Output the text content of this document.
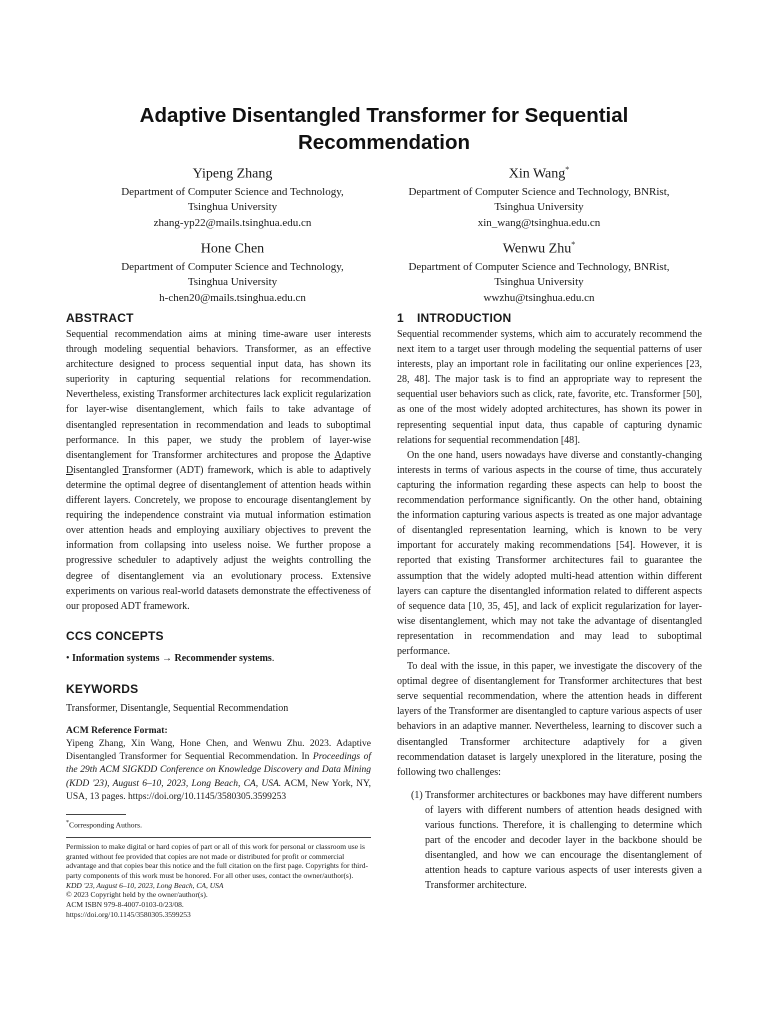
Adaptive Disentangled Transformer for Sequential Recommendation
Yipeng Zhang
Department of Computer Science and Technology,
Tsinghua University
zhang-yp22@mails.tsinghua.edu.cn
Xin Wang*
Department of Computer Science and Technology, BNRist,
Tsinghua University
xin_wang@tsinghua.edu.cn
Hone Chen
Department of Computer Science and Technology,
Tsinghua University
h-chen20@mails.tsinghua.edu.cn
Wenwu Zhu*
Department of Computer Science and Technology, BNRist,
Tsinghua University
wwzhu@tsinghua.edu.cn
ABSTRACT

Sequential recommendation aims at mining time-aware user interests through modeling sequential behaviors. Transformer, as an effective architecture designed to process sequential input data, has shown its superiority in capturing sequential relations for recommendation. Nevertheless, existing Transformer architectures lack explicit regularization for layer-wise disentanglement, which fails to take advantage of disentangled representation in recommendation and leads to suboptimal performance. In this paper, we study the problem of layer-wise disentanglement for Transformer architectures and propose the Adaptive Disentangled Transformer (ADT) framework, which is able to adaptively determine the optimal degree of disentanglement of attention heads within different layers. Concretely, we propose to encourage disentanglement by requiring the independence constraint via mutual information estimation over attention heads and employing auxiliary objectives to prevent the information from collapsing into useless noise. We further propose a progressive scheduler to adaptively adjust the weights controlling the degree of disentanglement via an evolutionary process. Extensive experiments on various real-world datasets demonstrate the effectiveness of our proposed ADT framework.

CCS CONCEPTS

• Information systems → Recommender systems.

KEYWORDS

Transformer, Disentangle, Sequential Recommendation

ACM Reference Format:

Yipeng Zhang, Xin Wang, Hone Chen, and Wenwu Zhu. 2023. Adaptive Disentangled Transformer for Sequential Recommendation. In Proceedings of the 29th ACM SIGKDD Conference on Knowledge Discovery and Data Mining (KDD '23), August 6–10, 2023, Long Beach, CA, USA. ACM, New York, NY, USA, 13 pages. https://doi.org/10.1145/3580305.3599253

*Corresponding Authors.

Permission to make digital or hard copies of part or all of this work for personal or classroom use is granted without fee provided that copies are not made or distributed for profit or commercial advantage and that copies bear this notice and the full citation on the first page. Copyrights for third-party components of this work must be honored. For all other uses, contact the owner/author(s).

KDD '23, August 6–10, 2023, Long Beach, CA, USA

© 2023 Copyright held by the owner/author(s).

ACM ISBN 979-8-4007-0103-0/23/08.

https://doi.org/10.1145/3580305.3599253

1 INTRODUCTION

Sequential recommender systems, which aim to accurately recommend the next item to a target user through modeling the sequential patterns of user interests, play an important role in facilitating our online experiences [23, 28, 48]. The major task is to find an appropriate way to represent the sequential user behaviors such as click, rate, favorite, etc. Transformer [50], as one of the most widely adopted architectures, has shown its power in representing sequential input data, thus capable of capturing dynamic relations for sequential recommendation [48].

On the one hand, users nowadays have diverse and constantly-changing interests in terms of various aspects in the course of time, thus accurately capturing the information regarding these aspects can help to boost the recommendation performance significantly. On the other hand, obtaining the information capturing various aspects is treated as one major advantage of disentangled representation learning, which is known to be very important for accurately making recommendations [54]. However, it is reported that existing Transformer architectures fail to guarantee the assumption that the widely adopted multi-head attention within different layers can capture the disentangled information related to different aspects of sequence data [10, 35, 45], and lack of explicit regularization for layer-wise disentanglement, which may not take the advantage of disentangled representation in recommendation and may lead to suboptimal performance.

To deal with the issue, in this paper, we investigate the discovery of the optimal degree of disentanglement for Transformer architectures that best serve sequential recommendation, where the attention heads in different layers of the Transformer are disentangled to capture various aspects of user behaviors in an adaptive manner. Nevertheless, learning to discover such a disentangled Transformer architecture adaptively for a given recommendation dataset is largely unexplored in the literature, posing the following two challenges:

(1) Transformer architectures or backbones may have different numbers of layers with different numbers of attention heads designed with various functions. Therefore, it is challenging to determine which part of the encoder and decoder layer in the backbone should be disentangled, and how we can encourage the disentanglement of attention heads to capture various aspects of user interests given a Transformer architecture.
